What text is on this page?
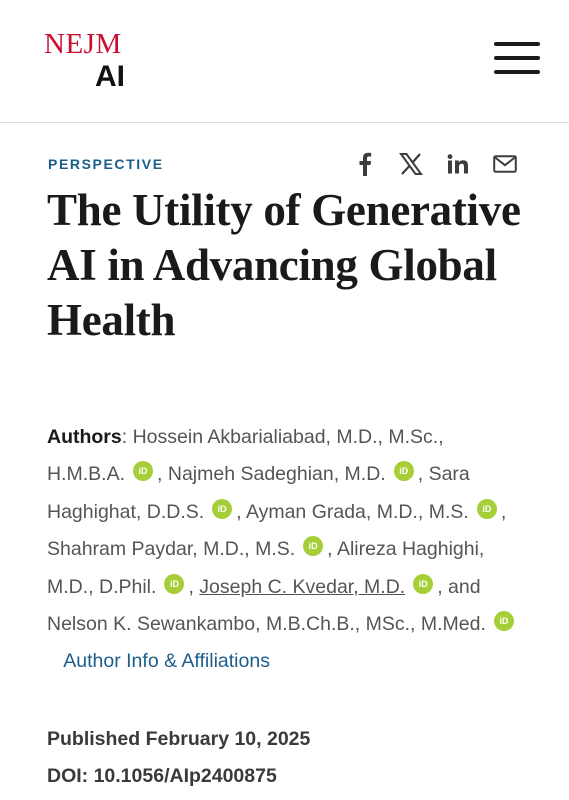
NEJM
AI
PERSPECTIVE
The Utility of Generative AI in Advancing Global Health
Authors: Hossein Akbarialiabad, M.D., M.Sc., H.M.B.A. iD , Najmeh Sadeghian, M.D. iD , Sara Haghighat, D.D.S. iD , Ayman Grada, M.D., M.S. iD , Shahram Paydar, M.D., M.S. iD , Alireza Haghighi, M.D., D.Phil. iD , Joseph C. Kvedar, M.D. iD , and Nelson K. Sewankambo, M.B.Ch.B., MSc., M.Med. iD   Author Info & Affiliations
Published February 10, 2025
DOI: 10.1056/AIp2400875
